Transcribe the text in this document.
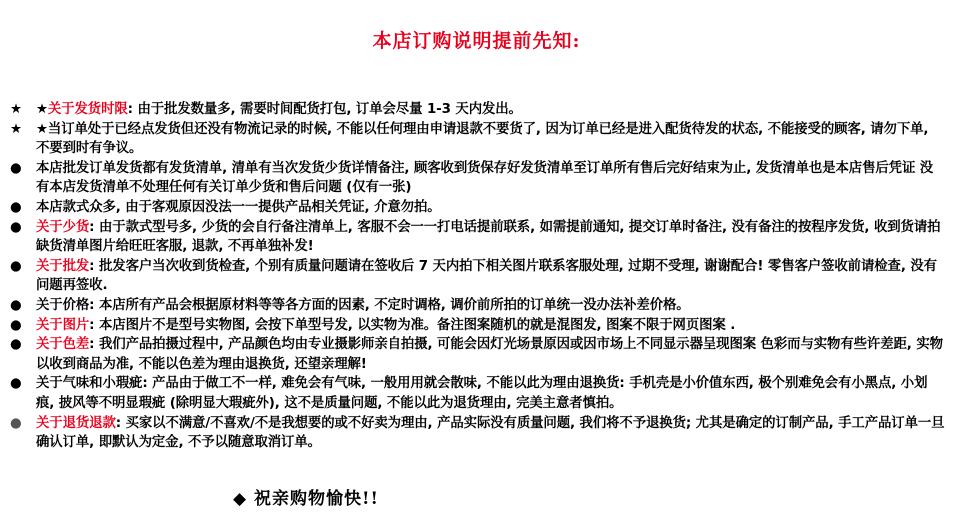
本店订购说明提前先知:
★	★关于发货时限: 由于批发数量多, 需要时间配货打包, 订单会尽量 1-3 天内发出。
★	★当订单处于已经点发货但还没有物流记录的时候, 不能以任何理由申请退款不要货了, 因为订单已经是进入配货待发的状态, 不能接受的顾客, 请勿下单, 不要到时有争议。
●	本店批发订单发货都有发货清单, 清单有当次发货少货详情备注, 顾客收到货保存好发货清单至订单所有售后完好结束为止, 发货清单也是本店售后凭证 没有本店发货清单不处理任何有关订单少货和售后问题 (仅有一张)
●	本店款式众多, 由于客观原因没法一一提供产品相关凭证, 介意勿拍。
●	关于少货: 由于款式型号多, 少货的会自行备注清单上, 客服不会一一打电话提前联系, 如需提前通知, 提交订单时备注, 没有备注的按程序发货, 收到货请拍缺货清单图片给旺旺客服, 退款, 不再单独补发!
●	关于批发: 批发客户当次收到货检查, 个别有质量问题请在签收后 7 天内拍下相关图片联系客服处理, 过期不受理, 谢谢配合! 零售客户签收前请检查, 没有问题再签收.
●	关于价格: 本店所有产品会根据原材料等等各方面的因素, 不定时调格, 调价前所拍的订单统一没办法补差价格。
●	关于图片: 本店图片不是型号实物图, 会按下单型号发, 以实物为准。备注图案随机的就是混图发, 图案不限于网页图案 .
●	关于色差: 我们产品拍摄过程中, 产品颜色均由专业摄影师亲自拍摄, 可能会因灯光场景原因或因市场上不同显示器呈现图案 色彩而与实物有些许差距, 实物以收到商品为准, 不能以色差为理由退换货, 还望亲理解!
●	关于气味和小瑕疵: 产品由于做工不一样, 难免会有气味, 一般用用就会散味, 不能以此为理由退换货: 手机壳是小价值东西, 极个别难免会有小黑点, 小划痕, 披风等不明显瑕疵 (除明显大瑕疵外), 这不是质量问题, 不能以此为退货理由, 完美主意者慎拍。
●	关于退货退款: 买家以不满意/不喜欢/不是我想要的或不好卖为理由, 产品实际没有质量问题, 我们将不予退换货; 尤其是确定的订制产品, 手工产品订单一旦确认订单, 即默认为定金, 不予以随意取消订单。
◆ 祝亲购物愉快!!
